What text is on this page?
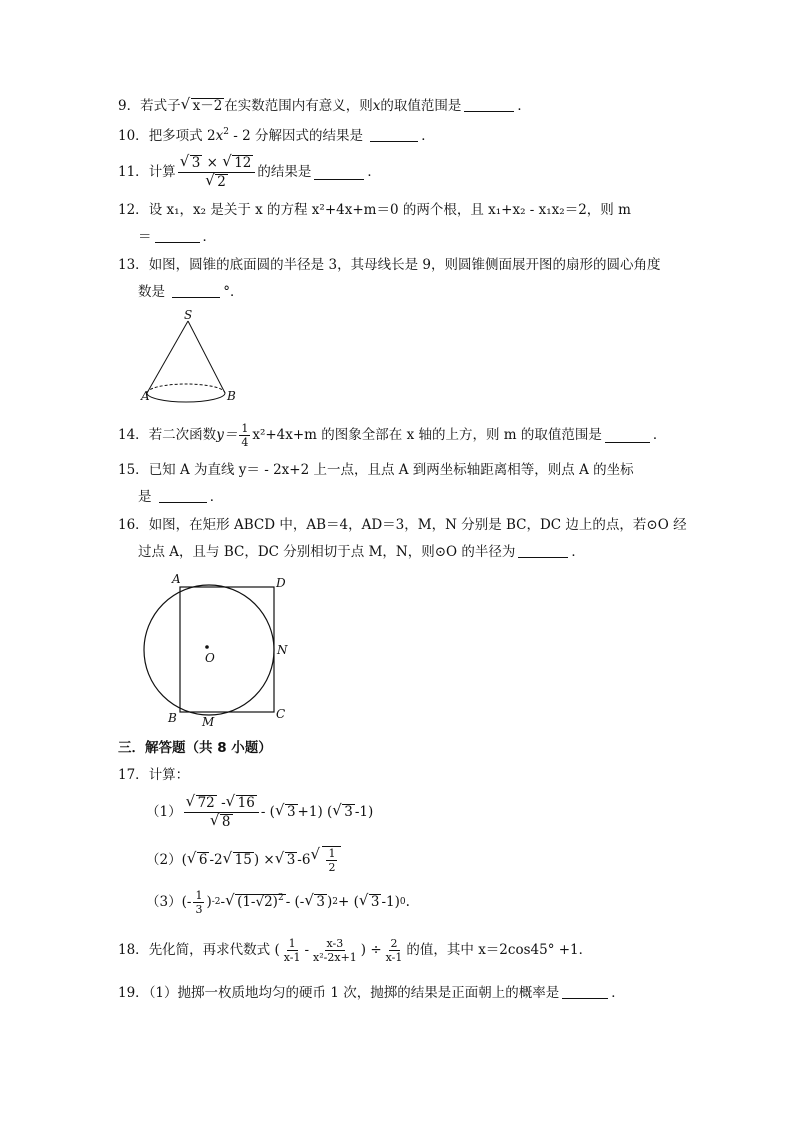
9．若式子 √ x－2 在实数范围内有意义，则x的取值范围是	．
10．把多项式 $2x^2 - 2$ 分解因式的结果是	．
11． 计算 √ 3 × √ 12
√ 2 的结果是	．
12．设 x₁，x₂ 是关于 x 的方程 x²+4x+m＝0 的两个根，且 x₁+x₂ - x₁x₂＝2，则 m
＝	．
13．如图，圆锥的底面圆的半径是 3，其母线长是 9，则圆锥侧面展开图的扇形的圆心角度
数是	°．
S
A	B
14． 若二次函数 $y= \frac{1}{4} x^2+4x+m$ 的图象全部在 x 轴的上方，则 m 的取值范围是	．
15．已知 A 为直线 y＝ - 2x+2 上一点，且点 A 到两坐标轴距离相等，则点 A 的坐标
是	．
16．如图，在矩形 ABCD 中，AB＝4，AD＝3，M，N 分别是 BC，DC 边上的点，若⊙O 经
过点 A，且与 BC，DC 分别相切于点 M，N，则⊙O 的半径为	．
A	D
O
N
B M
C
三．解答题（共 8 小题）
17．计算：
（1） √ 72 - √ 16
√ 8 - ( √ 3 +1) ( √ 3 -1)
（2） ( √ 6 -2 √ 15 ) × √ 3 -6 √ $\frac{1}{2}$
（3） (- $\frac{1}{3}$ ) -2 - √ $(1-√2)^2$ - (- √ 3 ) 2 + ( √ 3 -1) 0 .
18． 先化简，再求代数式 ( $\frac{1}{x-1} - \frac{x-3}{\text{x²-2x+1}}$ ) ÷ $\frac{2}{x-1}$ 的值，其中 x＝2cos45° +1．
19．（1）抛掷一枚质地均匀的硬币 1 次，抛掷的结果是正面朝上的概率是	．
